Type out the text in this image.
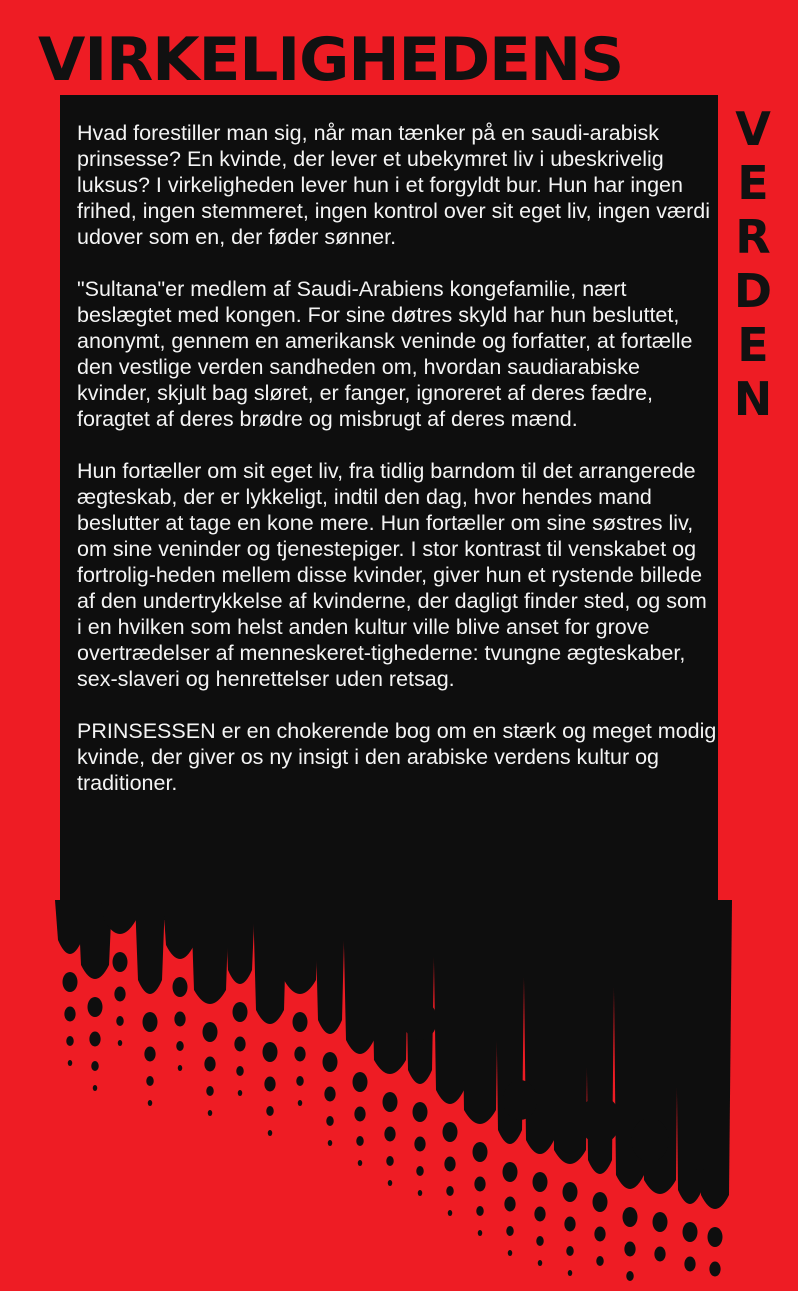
VIRKELIGHEDENS
VERDEN

Hvad forestiller man sig, når man tænker på en saudi-arabisk prinsesse? En kvinde, der lever et ubekymret liv i ubeskrivelig luksus? I virkeligheden lever hun i et forgyldt bur. Hun har ingen frihed, ingen stemmeret, ingen kontrol over sit eget liv, ingen værdi udover som en, der føder sønner.

"Sultana"er medlem af Saudi-Arabiens kongefamilie, nært beslægtet med kongen. For sine døtres skyld har hun besluttet, anonymt, gennem en amerikansk veninde og forfatter, at fortælle den vestlige verden sandheden om, hvordan saudiarabiske kvinder, skjult bag sløret, er fanger, ignoreret af deres fædre, foragtet af deres brødre og misbrugt af deres mænd.

Hun fortæller om sit eget liv, fra tidlig barndom til det arrangerede ægteskab, der er lykkeligt, indtil den dag, hvor hendes mand beslutter at tage en kone mere. Hun fortæller om sine søstres liv, om sine veninder og tjenestepiger. I stor kontrast til venskabet og fortrolig-heden mellem disse kvinder, giver hun et rystende billede af den undertrykkelse af kvinderne, der dagligt finder sted, og som i en hvilken som helst anden kultur ville blive anset for grove overtrædelser af menneskeret-tighederne: tvungne ægteskaber, sex-slaveri og henrettelser uden retsag.

PRINSESSEN er en chokerende bog om en stærk og meget modig kvinde, der giver os ny insigt i den arabiske verdens kultur og traditioner.
